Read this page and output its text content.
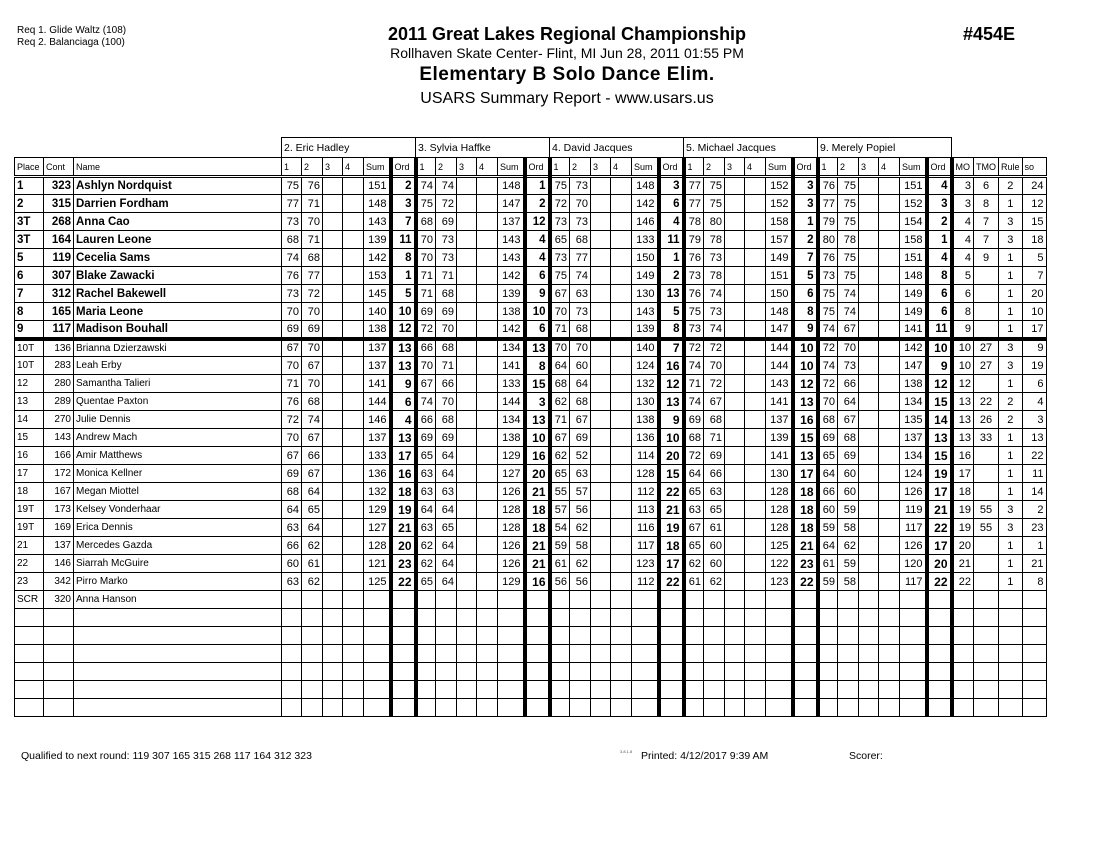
Req 1. Glide Waltz (108)
Req 2. Balanciaga (100)	2011 Great Lakes Regional Championship
Rollhaven Skate Center- Flint, MI Jun 28, 2011 01:55 PM
Elementary B Solo Dance Elim.
USARS Summary Report - www.usars.us
#454E
			2. Eric Hadley						3. Sylvia Haffke						4. David Jacques						5. Michael Jacques						9. Merely Popiel									
Place	Cont	Name	1	2	3	4	Sum	Ord	1	2	3	4	Sum	Ord	1	2	3	4	Sum	Ord	1	2	3	4	Sum	Ord	1	2	3	4	Sum	Ord	MO	TMO	Rule	so
1	323	Ashlyn Nordquist	75	76			151	2	74	74			148	1	75	73			148	3	77	75			152	3	76	75			151	4	3	6	2	24
2	315	Darrien Fordham	77	71			148	3	75	72			147	2	72	70			142	6	77	75			152	3	77	75			152	3	3	8	1	12
3T	268	Anna Cao	73	70			143	7	68	69			137	12	73	73			146	4	78	80			158	1	79	75			154	2	4	7	3	15
3T	164	Lauren Leone	68	71			139	11	70	73			143	4	65	68			133	11	79	78			157	2	80	78			158	1	4	7	3	18
5	119	Cecelia Sams	74	68			142	8	70	73			143	4	73	77			150	1	76	73			149	7	76	75			151	4	4	9	1	5
6	307	Blake Zawacki	76	77			153	1	71	71			142	6	75	74			149	2	73	78			151	5	73	75			148	8	5		1	7
7	312	Rachel Bakewell	73	72			145	5	71	68			139	9	67	63			130	13	76	74			150	6	75	74			149	6	6		1	20
8	165	Maria Leone	70	70			140	10	69	69			138	10	70	73			143	5	75	73			148	8	75	74			149	6	8		1	10
9	117	Madison Bouhall	69	69			138	12	72	70			142	6	71	68			139	8	73	74			147	9	74	67			141	11	9		1	17
10T	136	Brianna Dzierzawski	67	70			137	13	66	68			134	13	70	70			140	7	72	72			144	10	72	70			142	10	10	27	3	9
10T	283	Leah Erby	70	67			137	13	70	71			141	8	64	60			124	16	74	70			144	10	74	73			147	9	10	27	3	19
12	280	Samantha Talieri	71	70			141	9	67	66			133	15	68	64			132	12	71	72			143	12	72	66			138	12	12		1	6
13	289	Quentae Paxton	76	68			144	6	74	70			144	3	62	68			130	13	74	67			141	13	70	64			134	15	13	22	2	4
14	270	Julie Dennis	72	74			146	4	66	68			134	13	71	67			138	9	69	68			137	16	68	67			135	14	13	26	2	3
15	143	Andrew Mach	70	67			137	13	69	69			138	10	67	69			136	10	68	71			139	15	69	68			137	13	13	33	1	13
16	166	Amir Matthews	67	66			133	17	65	64			129	16	62	52			114	20	72	69			141	13	65	69			134	15	16		1	22
17	172	Monica Kellner	69	67			136	16	63	64			127	20	65	63			128	15	64	66			130	17	64	60			124	19	17		1	11
18	167	Megan Miottel	68	64			132	18	63	63			126	21	55	57			112	22	65	63			128	18	66	60			126	17	18		1	14
19T	173	Kelsey Vonderhaar	64	65			129	19	64	64			128	18	57	56			113	21	63	65			128	18	60	59			119	21	19	55	3	2
19T	169	Erica Dennis	63	64			127	21	63	65			128	18	54	62			116	19	67	61			128	18	59	58			117	22	19	55	3	23
21	137	Mercedes Gazda	66	62			128	20	62	64			126	21	59	58			117	18	65	60			125	21	64	62			126	17	20		1	1
22	146	Siarrah McGuire	60	61			121	23	62	64			126	21	61	62			123	17	62	60			122	23	61	59			120	20	21		1	21
23	342	Pirro Marko	63	62			125	22	65	64			129	16	56	56			112	22	61	62			123	22	59	58			117	22	22		1	8
SCR	320	Anna Hanson																																		

Qualified to next round: 119 307 165 315 268 117 164 312 323	3.8.1.8 Printed: 4/12/2017 9:39 AM	Scorer:
